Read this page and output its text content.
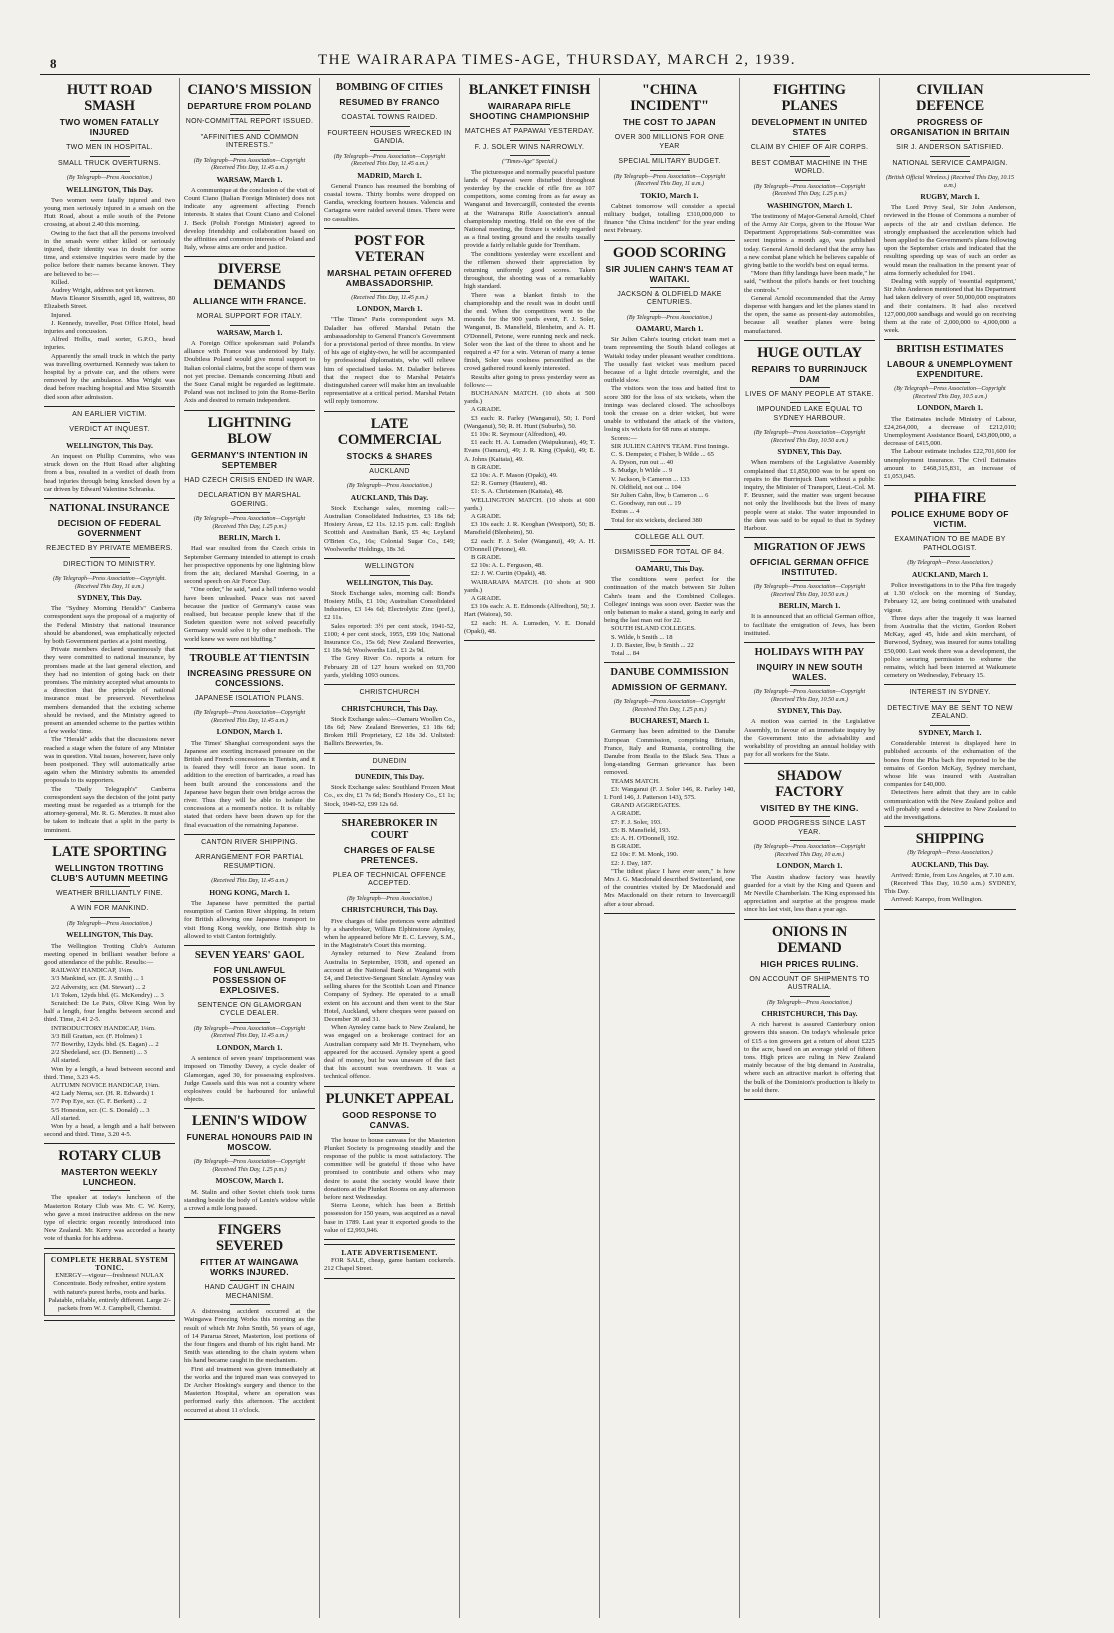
8	THE WAIRARAPA TIMES-AGE, THURSDAY, MARCH 2, 1939.
HUTT ROAD SMASH
TWO WOMEN FATALLY INJURED
TWO MEN IN HOSPITAL.
SMALL TRUCK OVERTURNS.
(By Telegraph—Press Association.)
WELLINGTON, This Day.
Two women were fatally injured and two young men seriously injured in a smash on the Hutt Road, about a mile south of the Petone crossing, at about 2.40 this morning.
Owing to the fact that all the persons involved in the smash were either killed or seriously injured, their identity was in doubt for some time, and extensive inquiries were made by the police before their names became known. They are believed to be:—
Killed.
Audrey Wright, address not yet known.
Mavis Eleanor Sixsmith, aged 18, waitress, 80 Elizabeth Street.
Injured.
J. Kennedy, traveller, Post Office Hotel, head injuries and concussion.
Alfred Hollis, mail sorter, G.P.O., head injuries.
Apparently the small truck in which the party was travelling overturned. Kennedy was taken to hospital by a private car, and the others were removed by the ambulance. Miss Wright was dead before reaching hospital and Miss Sixsmith died soon after admission.
AN EARLIER VICTIM.
VERDICT AT INQUEST.
WELLINGTON, This Day.
An inquest on Phillip Cummins, who was struck down on the Hutt Road after alighting from a bus, resulted in a verdict of death from head injuries through being knocked down by a car driven by Edward Valentine Schranka.
NATIONAL INSURANCE
DECISION OF FEDERAL GOVERNMENT
REJECTED BY PRIVATE MEMBERS.
DIRECTION TO MINISTRY.
(By Telegraph—Press Association—Copyright. (Received This Day, 11 a.m.)
SYDNEY, This Day.
The "Sydney Morning Herald's" Canberra correspondent says the proposal of a majority of the Federal Ministry that national insurance should be abandoned, was emphatically rejected by both Government parties at a joint meeting.
Private members declared unanimously that they were committed to national insurance, by promises made at the last general election, and they had no intention of going back on their promises. The ministry accepted what amounts to a direction that the principle of national insurance must be preserved. Nevertheless members demanded that the existing scheme should be revised, and the Ministry agreed to present an amended scheme to the parties within a few weeks' time.
The "Herald" adds that the discussions never reached a stage when the future of any Minister was in question. Vital issues, however, have only been postponed. They will automatically arise again when the Ministry submits its amended proposals to its supporters.
The "Daily Telegraph's" Canberra correspondent says the decision of the joint party meeting must be regarded as a triumph for the attorney-general, Mr. R. G. Menzies. It must also be taken to indicate that a split in the party is imminent.
LATE SPORTING
WELLINGTON TROTTING CLUB'S AUTUMN MEETING
WEATHER BRILLIANTLY FINE.
A WIN FOR MANKIND.
(By Telegraph—Press Association.)
WELLINGTON, This Day.
The Wellington Trotting Club's Autumn meeting opened in brilliant weather before a good attendance of the public. Results:—
RAILWAY HANDICAP, 1¼m.
3/3 Mankind, scr. (E. J. Smith) ... 1
2/2 Adversity, scr. (M. Stewart) ... 2
1/1 Token, 12yds bhd. (G. McKendry) ... 3
Scratched: De Le Paix, Olive King. Won by half a length, four lengths between second and third. Time, 2.41 2-5.
INTRODUCTORY HANDICAP, 1¼m.
3/3 Bill Grattan, scr. (F. Holmes) 1
7/7 Bowrthy, 12yds. bhd. (S. Eagan) ... 2
2/2 Shedeland, scr. (D. Bennett) ... 3
All started.
Won by a length, a head between second and third. Time, 3.23 4-5.
AUTUMN NOVICE HANDICAP, 1¼m.
4/2 Lady Nema, scr. (H. R. Edwards) 1
7/7 Pop Eye, scr. (C. F. Berkett) ... 2
5/5 Honestus, scr. (C. S. Donald) ... 3
All started.
Won by a head, a length and a half between second and third. Time, 3.20 4-5.
ROTARY CLUB
MASTERTON WEEKLY LUNCHEON.
The speaker at today's luncheon of the Masterton Rotary Club was Mr. C. W. Kerry, who gave a most instructive address on the new type of electric organ recently introduced into New Zealand. Mr. Kerry was accorded a hearty vote of thanks for his address.
COMPLETE HERBAL SYSTEM TONIC.
ENERGY—vigour—freshness! NULAX Concentrate. Body refresher, entire system with nature's purest herbs, roots and barks. Palatable, reliable, entirely different. Large 2/- packets from W. J. Campbell, Chemist.
CIANO'S MISSION
DEPARTURE FROM POLAND
NON-COMMITTAL REPORT ISSUED.
"AFFINITIES AND COMMON INTERESTS."
(By Telegraph—Press Association—Copyright (Received This Day, 11.45 a.m.)
WARSAW, March 1.
A communique at the conclusion of the visit of Count Ciano (Italian Foreign Minister) does not indicate any agreement affecting French interests. It states that Count Ciano and Colonel J. Beck (Polish Foreign Minister) agreed to develop friendship and collaboration based on the affinities and common interests of Poland and Italy, whose aims are order and justice.
DIVERSE DEMANDS
ALLIANCE WITH FRANCE.
MORAL SUPPORT FOR ITALY.
WARSAW, March 1.
A Foreign Office spokesman said Poland's alliance with France was understood by Italy. Doubtless Poland would give moral support to Italian colonial claims, but the scope of them was not yet precise. Demands concerning Jibuti and the Suez Canal might be regarded as legitimate. Poland was not inclined to join the Rome-Berlin Axis and desired to remain independent.
LIGHTNING BLOW
GERMANY'S INTENTION IN SEPTEMBER
HAD CZECH CRISIS ENDED IN WAR.
DECLARATION BY MARSHAL GOERING.
(By Telegraph—Press Association—Copyright (Received This Day, 1.25 p.m.)
BERLIN, March 1.
Had war resulted from the Czech crisis in September Germany intended to attempt to crush her prospective opponents by one lightning blow from the air, declared Marshal Goering, in a second speech on Air Force Day.
"One order," he said, "and a hell inferno would have been unleashed. Peace was not saved because the justice of Germany's cause was realised, but because people knew that if the Sudeten question were not solved peacefully Germany would solve it by other methods. The world knew we were not bluffing."
TROUBLE AT TIENTSIN
INCREASING PRESSURE ON CONCESSIONS.
JAPANESE ISOLATION PLANS.
(By Telegraph—Press Association—Copyright (Received This Day, 11.45 a.m.)
LONDON, March 1.
The Times' Shanghai correspondent says the Japanese are exerting increased pressure on the British and French concessions in Tientsin, and it is feared they will force an issue soon. In addition to the erection of barricades, a road has been built around the concessions and the Japanese have begun their own bridge across the river. Thus they will be able to isolate the concessions at a moment's notice. It is reliably stated that orders have been drawn up for the final evacuation of the remaining Japanese.
CANTON RIVER SHIPPING.
ARRANGEMENT FOR PARTIAL RESUMPTION.
(Received This Day, 11.45 a.m.)
HONG KONG, March 1.
The Japanese have permitted the partial resumption of Canton River shipping. In return for British allowing one Japanese transport to visit Hong Kong weekly, one British ship is allowed to visit Canton fortnightly.
SEVEN YEARS' GAOL
FOR UNLAWFUL POSSESSION OF EXPLOSIVES.
SENTENCE ON GLAMORGAN CYCLE DEALER.
(By Telegraph—Press Association—Copyright (Received This Day, 11.45 a.m.)
LONDON, March 1.
A sentence of seven years' imprisonment was imposed on Timothy Davey, a cycle dealer of Glamorgan, aged 30, for possessing explosives. Judge Cassels said this was not a country where explosives could be harboured for unlawful objects.
LENIN'S WIDOW
FUNERAL HONOURS PAID IN MOSCOW.
(By Telegraph—Press Association—Copyright (Received This Day, 1.25 p.m.)
MOSCOW, March 1.
M. Stalin and other Soviet chiefs took turns standing beside the body of Lenin's widow while a crowd a mile long passed.
FINGERS SEVERED
FITTER AT WAINGAWA WORKS INJURED.
HAND CAUGHT IN CHAIN MECHANISM.
A distressing accident occurred at the Waingawa Freezing Works this morning as the result of which Mr John Smith, 56 years of age, of 14 Pararua Street, Masterton, lost portions of the four fingers and thumb of his right hand. Mr Smith was attending to the chain system when his hand became caught in the mechanism.
First aid treatment was given immediately at the works and the injured man was conveyed to Dr Archer Hosking's surgery and thence to the Masterton Hospital, where an operation was performed early this afternoon. The accident occurred at about 11 o'clock.
BOMBING OF CITIES
RESUMED BY FRANCO
COASTAL TOWNS RAIDED.
FOURTEEN HOUSES WRECKED IN GANDIA.
(By Telegraph—Press Association—Copyright (Received This Day, 11.45 a.m.)
MADRID, March 1.
General Franco has resumed the bombing of coastal towns. Thirty bombs were dropped on Gandia, wrecking fourteen houses. Valencia and Cartagena were raided several times. There were no casualties.
POST FOR VETERAN
MARSHAL PETAIN OFFERED AMBASSADORSHIP.
(Received This Day, 11.45 p.m.)
LONDON, March 1.
"The Times" Paris correspondent says M. Daladier has offered Marshal Petain the ambassadorship to General Franco's Government for a provisional period of three months. In view of his age of eighty-two, he will be accompanied by professional diplomatists, who will relieve him of specialised tasks. M. Daladier believes that the respect due to Marshal Petain's distinguished career will make him an invaluable representative at a critical period. Marshal Petain will reply tomorrow.
LATE COMMERCIAL
STOCKS & SHARES
AUCKLAND
(By Telegraph—Press Association.)
AUCKLAND, This Day.
Stock Exchange sales, morning call:—Australian Consolidated Industries, £3 18s 6d; Hosiery Areas, £2 11s. 12.15 p.m. call: English Scottish and Australian Bank, £5 4s; Leyland O'Brien Co., 16s; Colonial Sugar Co., £49; Woolworths' Holdings, 18s 3d.
WELLINGTON
WELLINGTON, This Day.
Stock Exchange sales, morning call: Bond's Hosiery Mills, £1 10s; Australian Consolidated Industries, £3 14s 6d; Electrolytic Zinc (pref.), £2 11s.
Sales reported: 3½ per cent stock, 1941-52, £100; 4 per cent stock, 1955, £99 10s; National Insurance Co., 15s 6d; New Zealand Breweries, £1 18s 9d; Woolworths Ltd., £1 2s 9d.
The Grey River Co. reports a return for February 28 of 127 hours worked on 93,700 yards, yielding 1093 ounces.
CHRISTCHURCH
CHRISTCHURCH, This Day.
Stock Exchange sales:—Oamaru Woollen Co., 18s 6d; New Zealand Breweries, £1 18s 6d; Broken Hill Proprietary, £2 18s 3d. Unlisted: Ballin's Breweries, 9s.
DUNEDIN
DUNEDIN, This Day.
Stock Exchange sales: Southland Frozen Meat Co., ex div, £1 7s 6d; Bond's Hosiery Co., £1 1s; Stock, 1949-52, £99 12s 6d.
SHAREBROKER IN COURT
CHARGES OF FALSE PRETENCES.
PLEA OF TECHNICAL OFFENCE ACCEPTED.
(By Telegraph—Press Association.)
CHRISTCHURCH, This Day.
Five charges of false pretences were admitted by a sharebroker, William Elphinstone Aynsley, when he appeared before Mr E. C. Levvey, S.M., in the Magistrate's Court this morning.
Aynsley returned to New Zealand from Australia in September, 1938, and opened an account at the National Bank at Wanganui with £4, and Detective-Sergeant Sinclair. Aynsley was selling shares for the Scottish Loan and Finance Company of Sydney. He operated to a small extent on his account and then went to the Star Hotel, Auckland, where cheques were passed on December 30 and 31.
When Aynsley came back to New Zealand, he was engaged on a brokerage contract for an Australian company said Mr H. Twyneham, who appeared for the accused. Aynsley spent a good deal of money, but he was unaware of the fact that his account was overdrawn. It was a technical offence.
PLUNKET APPEAL
GOOD RESPONSE TO CANVAS.
The house to house canvass for the Masterton Plunket Society is progressing steadily and the response of the public is most satisfactory. The committee will be grateful if those who have promised to contribute and others who may desire to assist the society would leave their donations at the Plunket Rooms on any afternoon before next Wednesday.
Sierra Leone, which has been a British possession for 150 years, was acquired as a naval base in 1789. Last year it exported goods to the value of £2,993,946.
LATE ADVERTISEMENT.
FOR SALE, cheap, game bantam cockerels. 212 Chapel Street.
BLANKET FINISH
WAIRARAPA RIFLE SHOOTING CHAMPIONSHIP
MATCHES AT PAPAWAI YESTERDAY.
F. J. SOLER WINS NARROWLY.
("Times-Age" Special.)
The picturesque and normally peaceful pasture lands of Papawai were disturbed throughout yesterday by the crackle of rifle fire as 107 competitors, some coming from as far away as Wanganui and Invercargill, contested the events at the Wairarapa Rifle Association's annual championship meeting. Held on the eve of the National meeting, the fixture is widely regarded as a final testing ground and the results usually provide a fairly reliable guide for Trentham.
The conditions yesterday were excellent and the riflemen showed their appreciation by returning uniformly good scores. Taken throughout, the shooting was of a remarkably high standard.
There was a blanket finish to the championship and the result was in doubt until the end. When the competitors went to the mounds for the 900 yards event, F. J. Soler, Wanganui, B. Mansfield, Blenheim, and A. H. O'Donnell, Petone, were running neck and neck. Soler won the last of the three to shoot and he required a 47 for a win. Veteran of many a tense finish, Soler was coolness personified as the crowd gathered round keenly interested.
Results after going to press yesterday were as follows:—
BUCHANAN MATCH. (10 shots at 500 yards.)
A GRADE.
£3 each: R. Farley (Wanganui), 50; I. Ford (Wanganui), 50; R. H. Hunt (Suburbs), 50.
£1 10s: R. Seymour (Alfredton), 49.
£1 each: H. A. Lumsden (Waipukurau), 49; T. Evans (Oamaru), 49; J. R. King (Opaki), 49; E. A. Johns (Kaitaia), 49.
B GRADE.
£2 10s: A. F. Mason (Opaki), 49.
£2: R. Gurney (Hautere), 48.
£1: S. A. Christensen (Kaitaia), 48.
WELLINGTON MATCH. (10 shots at 600 yards.)
A GRADE.
£3 10s each: J. R. Keoghan (Westport), 50; B. Mansfield (Blenheim), 50.
£2 each: F. J. Soler (Wanganui), 49; A. H. O'Donnell (Petone), 49.
B GRADE.
£2 10s: A. L. Ferguson, 48.
£2: J. W. Curtin (Opaki), 48.
WAIRARAPA MATCH. (10 shots at 900 yards.)
A GRADE.
£3 10s each: A. E. Edmonds (Alfredton), 50; J. Hart (Waiora), 50.
£2 each: H. A. Lumsden, V. E. Donald (Opaki), 48.
"CHINA INCIDENT"
THE COST TO JAPAN
OVER 300 MILLIONS FOR ONE YEAR
SPECIAL MILITARY BUDGET.
(By Telegraph—Press Association—Copyright (Received This Day, 11 a.m.)
TOKIO, March 1.
Cabinet tomorrow will consider a special military budget, totalling £310,000,000 to finance "the China incident" for the year ending next February.
GOOD SCORING
SIR JULIEN CAHN'S TEAM AT WAITAKI.
JACKSON & OLDFIELD MAKE CENTURIES.
(By Telegraph—Press Association.)
OAMARU, March 1.
Sir Julien Cahn's touring cricket team met a team representing the South Island colleges at Waitaki today under pleasant weather conditions. The usually fast wicket was medium paced because of a light drizzle overnight, and the outfield slow.
The visitors won the toss and batted first to score 380 for the loss of six wickets, when the innings was declared closed. The schoolboys took the crease on a drier wicket, but were unable to withstand the attack of the visitors, losing six wickets for 68 runs at stumps.
Scores:—
SIR JULIEN CAHN'S TEAM. First Innings.
C. S. Dempster, c Fisher, b Wilde ... 65
A. Dyson, run out ... 40
S. Mudge, b Wilde ... 9
V. Jackson, b Cameron ... 133
N. Oldfield, not out ... 104
Sir Julien Cahn, lbw, b Cameron ... 6
C. Goodway, run out ... 19
Extras ... 4
Total for six wickets, declared 380
COLLEGE ALL OUT.
DISMISSED FOR TOTAL OF 84.
OAMARU, This Day.
The conditions were perfect for the continuation of the match between Sir Julien Cahn's team and the Combined Colleges. Colleges' innings was soon over. Baxter was the only batsman to make a stand, going in early and being the last man out for 22.
SOUTH ISLAND COLLEGES.
S. Wilde, b Smith ... 18
J. D. Baxter, lbw, b Smith ... 22
Total ... 84
DANUBE COMMISSION
ADMISSION OF GERMANY.
(By Telegraph—Press Association—Copyright (Received This Day, 1.25 p.m.)
BUCHAREST, March 1.
Germany has been admitted to the Danube European Commission, comprising Britain, France, Italy and Rumania, controlling the Danube from Braila to the Black Sea. Thus a long-standing German grievance has been removed.
TEAMS MATCH.
£3: Wanganui (F. J. Soler 146, R. Farley 140, I. Ford 146, J. Patterson 143), 575.
GRAND AGGREGATES.
A GRADE.
£7: F. J. Soler, 193.
£5: B. Mansfield, 193.
£3: A. H. O'Donnell, 192.
B GRADE.
£2 10s: F. M. Monk, 190.
£2: J. Day, 187.
"The tidiest place I have ever seen," is how Mrs J. G. Macdonald described Switzerland, one of the countries visited by Dr Macdonald and Mrs Macdonald on their return to Invercargill after a tour abroad.
FIGHTING PLANES
DEVELOPMENT IN UNITED STATES
CLAIM BY CHIEF OF AIR CORPS.
BEST COMBAT MACHINE IN THE WORLD.
(By Telegraph—Press Association—Copyright (Received This Day, 1.25 p.m.)
WASHINGTON, March 1.
The testimony of Major-General Arnold, Chief of the Army Air Corps, given to the House War Department Appropriations Sub-committee was secret inquiries a month ago, was published today. General Arnold declared that the army has a new combat plane which he believes capable of giving battle to the world's best on equal terms.
"More than fifty landings have been made," he said, "without the pilot's hands or feet touching the controls."
General Arnold recommended that the Army dispense with hangars and let the planes stand in the open, the same as present-day automobiles, because all weather planes were being manufactured.
HUGE OUTLAY
REPAIRS TO BURRINJUCK DAM
LIVES OF MANY PEOPLE AT STAKE.
IMPOUNDED LAKE EQUAL TO SYDNEY HARBOUR.
(By Telegraph—Press Association—Copyright (Received This Day, 10.50 a.m.)
SYDNEY, This Day.
When members of the Legislative Assembly complained that £1,850,000 was to be spent on repairs to the Burrinjuck Dam without a public inquiry, the Minister of Transport, Lieut.-Col. M. F. Bruxner, said the matter was urgent because not only the livelihoods but the lives of many people were at stake. The water impounded in the dam was said to be equal to that in Sydney Harbour.
MIGRATION OF JEWS
OFFICIAL GERMAN OFFICE INSTITUTED.
(By Telegraph—Press Association—Copyright (Received This Day, 10.50 a.m.)
BERLIN, March 1.
It is announced that an official German office, to facilitate the emigration of Jews, has been instituted.
HOLIDAYS WITH PAY
INQUIRY IN NEW SOUTH WALES.
(By Telegraph—Press Association—Copyright (Received This Day, 10.50 a.m.)
SYDNEY, This Day.
A motion was carried in the Legislative Assembly, in favour of an immediate inquiry by the Government into the advisability and workability of providing an annual holiday with pay for all workers for the State.
SHADOW FACTORY
VISITED BY THE KING.
GOOD PROGRESS SINCE LAST YEAR.
(By Telegraph—Press Association—Copyright (Received This Day, 10 a.m.)
LONDON, March 1.
The Austin shadow factory was heavily guarded for a visit by the King and Queen and Mr Neville Chamberlain. The King expressed his appreciation and surprise at the progress made since his last visit, less than a year ago.
ONIONS IN DEMAND
HIGH PRICES RULING.
ON ACCOUNT OF SHIPMENTS TO AUSTRALIA.
(By Telegraph—Press Association.)
CHRISTCHURCH, This Day.
A rich harvest is assured Canterbury onion growers this season. On today's wholesale price of £15 a ton growers get a return of about £225 to the acre, based on an average yield of fifteen tons. High prices are ruling in New Zealand mainly because of the big demand in Australia, where such an attractive market is offering that the bulk of the Dominion's production is likely to be sold there.
CIVILIAN DEFENCE
PROGRESS OF ORGANISATION IN BRITAIN
SIR J. ANDERSON SATISFIED.
NATIONAL SERVICE CAMPAIGN.
(British Official Wireless.) (Received This Day, 10.15 a.m.)
RUGBY, March 1.
The Lord Privy Seal, Sir John Anderson, reviewed in the House of Commons a number of aspects of the air and civilian defence. He strongly emphasised the acceleration which had been applied to the Government's plans following upon the September crisis and indicated that the resulting speeding up was of such an order as would mean the realisation in the present year of aims formerly scheduled for 1941.
Dealing with supply of 'essential equipment,' Sir John Anderson mentioned that his Department had taken delivery of over 50,000,000 respirators and their containers. It had also received 127,000,000 sandbags and would go on receiving them at the rate of 2,000,000 to 4,000,000 a week.
BRITISH ESTIMATES
LABOUR & UNEMPLOYMENT EXPENDITURE.
(By Telegraph—Press Association—Copyright (Received This Day, 10.5 a.m.)
LONDON, March 1.
The Estimates include Ministry of Labour, £24,264,000, a decrease of £212,010; Unemployment Assistance Board, £43,800,000, a decrease of £415,000.
The Labour estimate includes £22,701,600 for unemployment insurance. The Civil Estimates amount to £468,315,831, an increase of £1,053,045.
PIHA FIRE
POLICE EXHUME BODY OF VICTIM.
EXAMINATION TO BE MADE BY PATHOLOGIST.
(By Telegraph—Press Association.)
AUCKLAND, March 1.
Police investigations in to the Piha fire tragedy at 1.30 o'clock on the morning of Sunday, February 12, are being continued with unabated vigour.
Three days after the tragedy it was learned from Australia that the victim, Gordon Robert McKay, aged 45, hide and skin merchant, of Burwood, Sydney, was insured for sums totalling £50,000. Last week there was a development, the police securing permission to exhume the remains, which had been interred at Waikumete cemetery on Wednesday, February 15.
INTEREST IN SYDNEY.
DETECTIVE MAY BE SENT TO NEW ZEALAND.
SYDNEY, March 1.
Considerable interest is displayed here in published accounts of the exhumation of the bones from the Piha bach fire reported to be the remains of Gordon McKay, Sydney merchant, whose life was insured with Australian companies for £40,000.
Detectives here admit that they are in cable communication with the New Zealand police and will probably send a detective to New Zealand to aid the investigations.
SHIPPING
(By Telegraph—Press Association.)
AUCKLAND, This Day.
Arrived: Ernie, from Los Angeles, at 7.10 a.m.
(Received This Day, 10.50 a.m.) SYDNEY, This Day.
Arrived: Karepo, from Wellington.
